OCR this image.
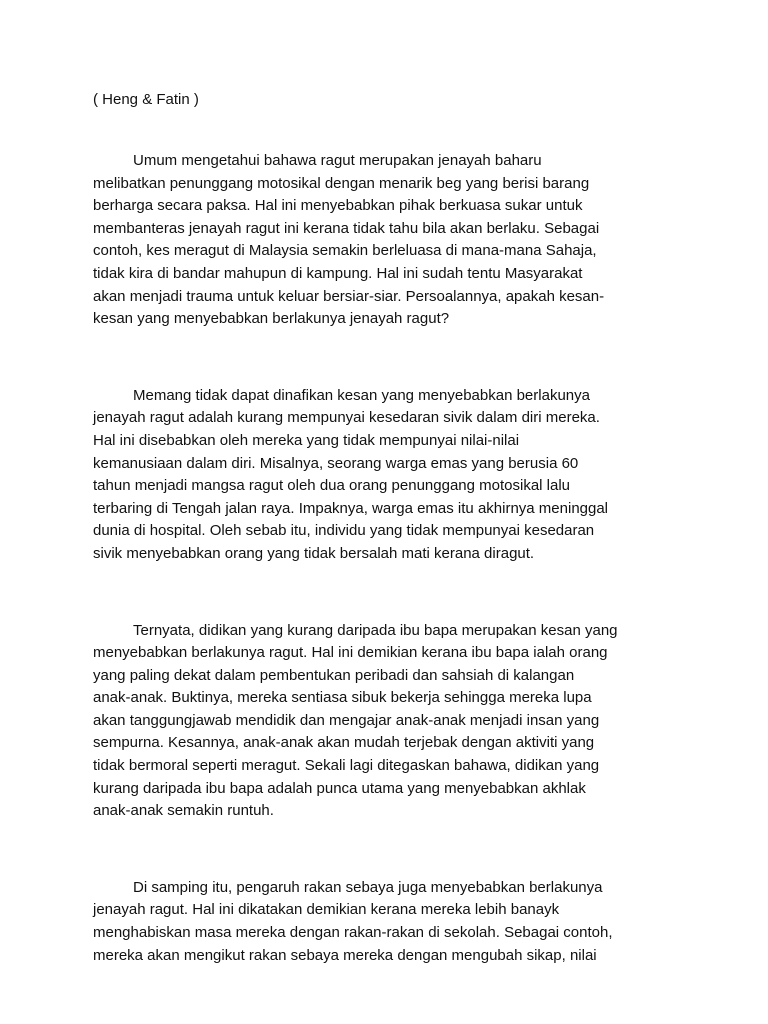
( Heng & Fatin )
Umum mengetahui bahawa ragut merupakan jenayah baharu
melibatkan penunggang motosikal dengan menarik beg yang berisi barang
berharga secara paksa. Hal ini menyebabkan pihak berkuasa sukar untuk
membanteras jenayah ragut ini kerana tidak tahu bila akan berlaku. Sebagai
contoh, kes meragut di Malaysia semakin berleluasa di mana-mana Sahaja,
tidak kira di bandar mahupun di kampung. Hal ini sudah tentu Masyarakat
akan menjadi trauma untuk keluar bersiar-siar. Persoalannya, apakah kesan-
kesan yang menyebabkan berlakunya jenayah ragut?
Memang tidak dapat dinafikan kesan yang menyebabkan berlakunya
jenayah ragut adalah kurang mempunyai kesedaran sivik dalam diri mereka.
Hal ini disebabkan oleh mereka yang tidak mempunyai nilai-nilai
kemanusiaan dalam diri. Misalnya, seorang warga emas yang berusia 60
tahun menjadi mangsa ragut oleh dua orang penunggang motosikal lalu
terbaring di Tengah jalan raya. Impaknya, warga emas itu akhirnya meninggal
dunia di hospital. Oleh sebab itu, individu yang tidak mempunyai kesedaran
sivik menyebabkan orang yang tidak bersalah mati kerana diragut.
Ternyata, didikan yang kurang daripada ibu bapa merupakan kesan yang
menyebabkan berlakunya ragut. Hal ini demikian kerana ibu bapa ialah orang
yang paling dekat dalam pembentukan peribadi dan sahsiah di kalangan
anak-anak. Buktinya, mereka sentiasa sibuk bekerja sehingga mereka lupa
akan tanggungjawab mendidik dan mengajar anak-anak menjadi insan yang
sempurna. Kesannya, anak-anak akan mudah terjebak dengan aktiviti yang
tidak bermoral seperti meragut. Sekali lagi ditegaskan bahawa, didikan yang
kurang daripada ibu bapa adalah punca utama yang menyebabkan akhlak
anak-anak semakin runtuh.
Di samping itu, pengaruh rakan sebaya juga menyebabkan berlakunya
jenayah ragut. Hal ini dikatakan demikian kerana mereka lebih banayk
menghabiskan masa mereka dengan rakan-rakan di sekolah. Sebagai contoh,
mereka akan mengikut rakan sebaya mereka dengan mengubah sikap, nilai
